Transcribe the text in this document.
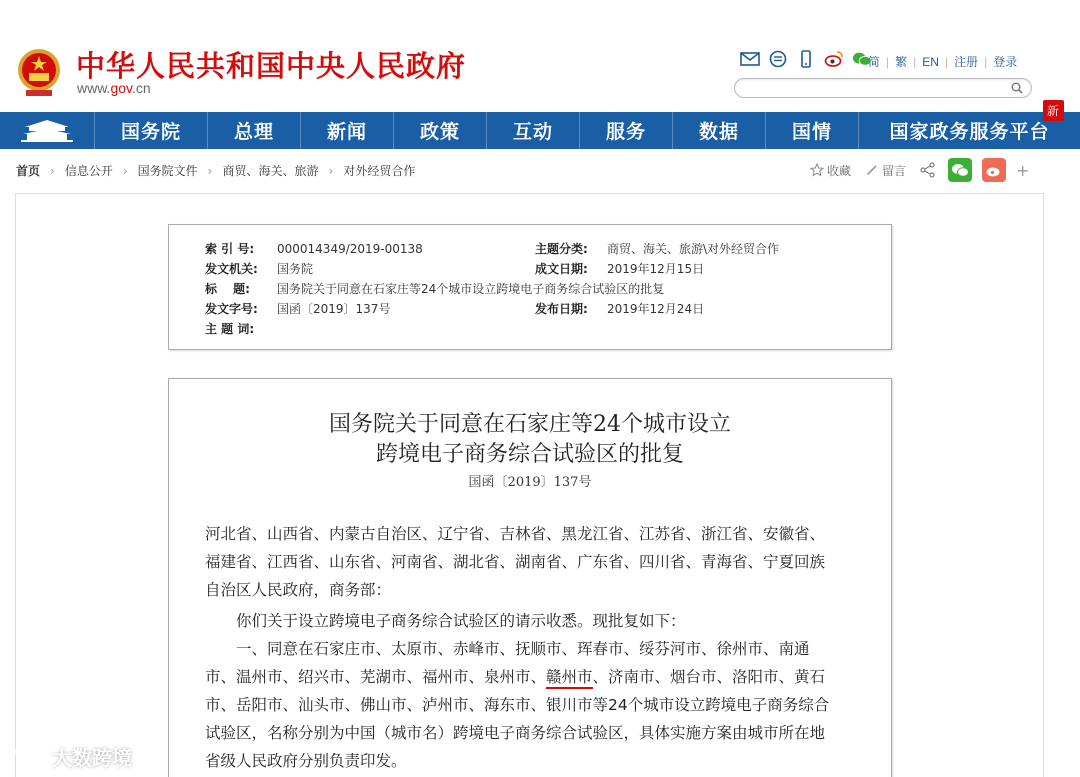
中华人民共和国中央人民政府
www.gov.cn
简 | 繁 | EN | 注册 | 登录
国务院	总理	新闻	政策	互动	服务	数据	国情	国家政务服务平台
新
首页 › 信息公开 › 国务院文件 › 商贸、海关、旅游 › 对外经贸合作	收藏	留言	+
索 引 号: 000014349/2019-00138	主题分类: 商贸、海关、旅游\对外经贸合作
发文机关: 国务院	成文日期: 2019年12月15日
标　 题: 国务院关于同意在石家庄等24个城市设立跨境电子商务综合试验区的批复
发文字号: 国函〔2019〕137号	发布日期: 2019年12月24日
主 题 词:
国务院关于同意在石家庄等24个城市设立
跨境电子商务综合试验区的批复
国函〔2019〕137号
河北省、山西省、内蒙古自治区、辽宁省、吉林省、黑龙江省、江苏省、浙江省、安徽省、
福建省、江西省、山东省、河南省、湖北省、湖南省、广东省、四川省、青海省、宁夏回族
自治区人民政府，商务部：
　　你们关于设立跨境电子商务综合试验区的请示收悉。现批复如下：
　　一、同意在石家庄市、太原市、赤峰市、抚顺市、珲春市、绥芬河市、徐州市、南通
市、温州市、绍兴市、芜湖市、福州市、泉州市、赣州市、济南市、烟台市、洛阳市、黄石
市、岳阳市、汕头市、佛山市、泸州市、海东市、银川市等24个城市设立跨境电子商务综合
试验区，名称分别为中国（城市名）跨境电子商务综合试验区，具体实施方案由城市所在地
省级人民政府分别负责印发。
大数跨境
